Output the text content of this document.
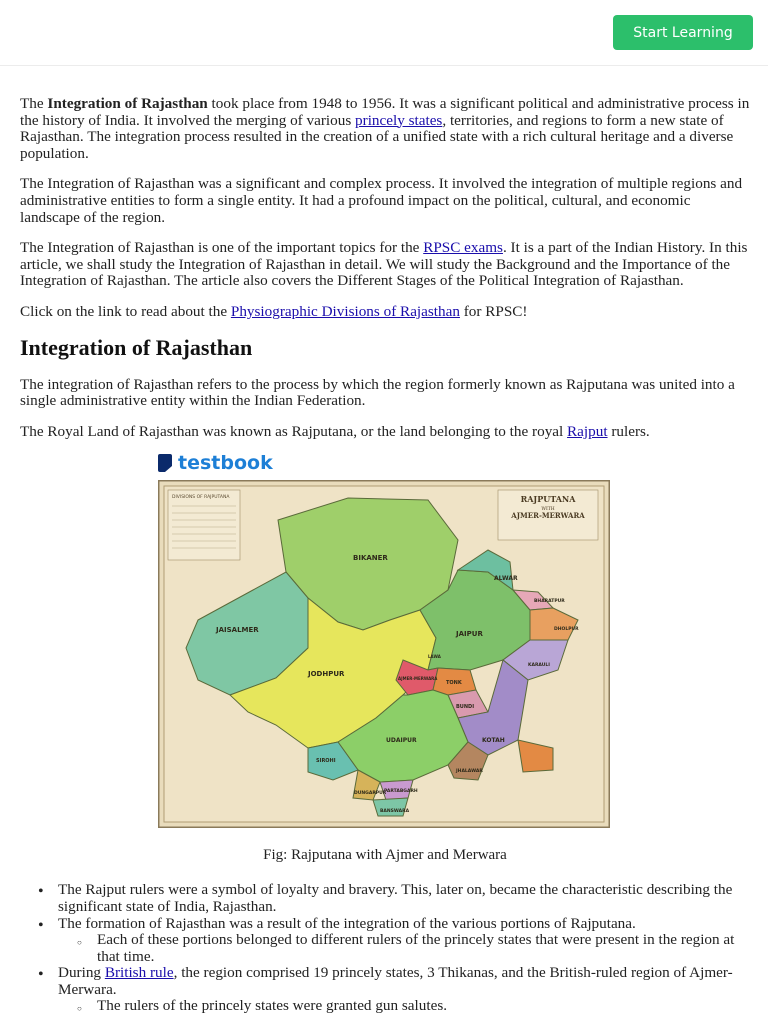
Start Learning

The Integration of Rajasthan took place from 1948 to 1956. It was a significant political and administrative process in the history of India. It involved the merging of various princely states, territories, and regions to form a new state of Rajasthan. The integration process resulted in the creation of a unified state with a rich cultural heritage and a diverse population.

The Integration of Rajasthan was a significant and complex process. It involved the integration of multiple regions and administrative entities to form a single entity. It had a profound impact on the political, cultural, and economic landscape of the region.

The Integration of Rajasthan is one of the important topics for the RPSC exams. It is a part of the Indian History. In this article, we shall study the Integration of Rajasthan in detail. We will study the Background and the Importance of the Integration of Rajasthan. The article also covers the Different Stages of the Political Integration of Rajasthan.

Click on the link to read about the Physiographic Divisions of Rajasthan for RPSC!

Integration of Rajasthan

The integration of Rajasthan refers to the process by which the region formerly known as Rajputana was united into a single administrative entity within the Indian Federation.

The Royal Land of Rajasthan was known as Rajputana, or the land belonging to the royal Rajput rulers.

testbook
DIVISIONS OF RAJPUTANA	RAJPUTANA
WITH
AJMER-MERWARA
BIKANER
JAISALMER
JODHPUR
JAIPUR
ALWAR
BHARATPUR
DHOLPUR
KARAULI
AJMER-MERWARA
TONK
BUNDI
UDAIPUR	KOTAH
SIROHI
DUNGARPUR
PARTABGARH
JHALAWAR
BANSWARA
LAWA
Fig: Rajputana with Ajmer and Merwara
• The Rajput rulers were a symbol of loyalty and bravery. This, later on, became the characteristic describing the significant state of India, Rajasthan.
• The formation of Rajasthan was a result of the integration of the various portions of Rajputana.
○ Each of these portions belonged to different rulers of the princely states that were present in the region at that time.
• During British rule, the region comprised 19 princely states, 3 Thikanas, and the British-ruled region of Ajmer-Merwara.
○ The rulers of the princely states were granted gun salutes.
